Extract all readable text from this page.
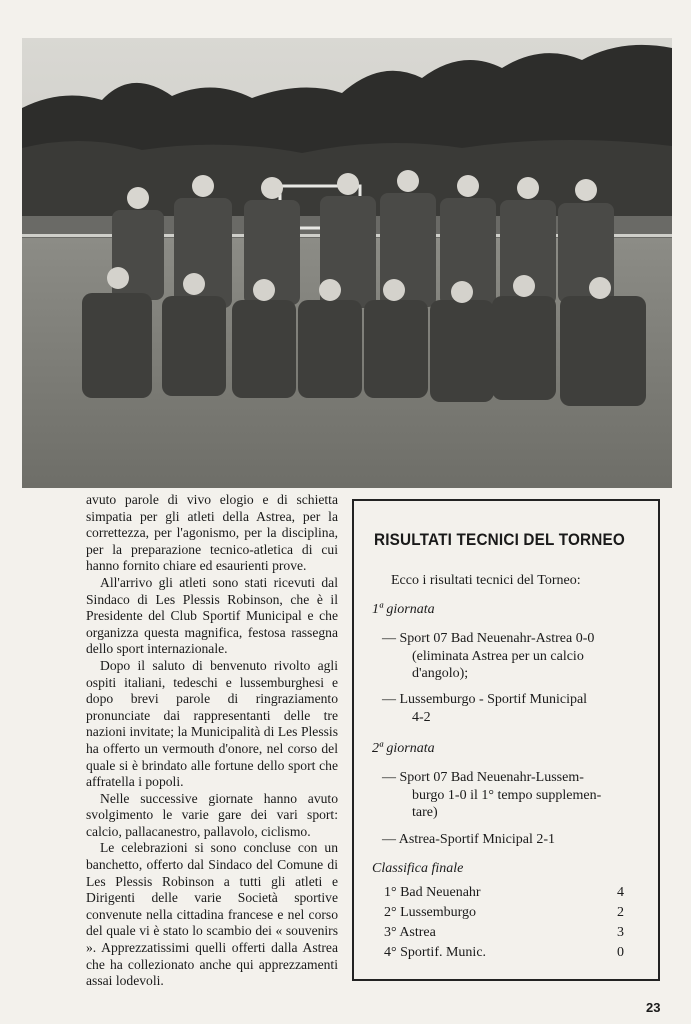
avuto parole di vivo elogio e di schietta simpatia per gli atleti della Astrea, per la correttezza, per l'agonismo, per la disciplina, per la preparazione tecnico-atletica di cui hanno fornito chiare ed esaurienti prove.

All'arrivo gli atleti sono stati ricevuti dal Sindaco di Les Plessis Robinson, che è il Presidente del Club Sportif Municipal e che organizza questa magnifica, festosa rassegna dello sport internazionale.

Dopo il saluto di benvenuto rivolto agli ospiti italiani, tedeschi e lussemburghesi e dopo brevi parole di ringraziamento pronunciate dai rappresentanti delle tre nazioni invitate; la Municipalità di Les Plessis ha offerto un vermouth d'onore, nel corso del quale si è brindato alle fortune dello sport che affratella i popoli.

Nelle successive giornate hanno avuto svolgimento le varie gare dei vari sport: calcio, pallacanestro, pallavolo, ciclismo.

Le celebrazioni si sono concluse con un banchetto, offerto dal Sindaco del Comune di Les Plessis Robinson a tutti gli atleti e Dirigenti delle varie Società sportive convenute nella cittadina francese e nel corso del quale vi è stato lo scambio dei « souvenirs ». Apprezzatissimi quelli offerti dalla Astrea che ha collezionato anche qui apprezzamenti assai lodevoli.

RISULTATI TECNICI DEL TORNEO
Ecco i risultati tecnici del Torneo:
1ª giornata
— Sport 07 Bad Neuenahr-Astrea 0-0
(eliminata Astrea per un calcio
d'angolo);
— Lussemburgo - Sportif Municipal
4-2
2ª giornata
— Sport 07 Bad Neuenahr-Lussem-
burgo 1-0 il 1° tempo supplemen-
tare)
— Astrea-Sportif Mnicipal 2-1
Classifica finale
1° Bad Neuenahr	4
2° Lussemburgo	2
3° Astrea	3
4° Sportif. Munic.	0
23
